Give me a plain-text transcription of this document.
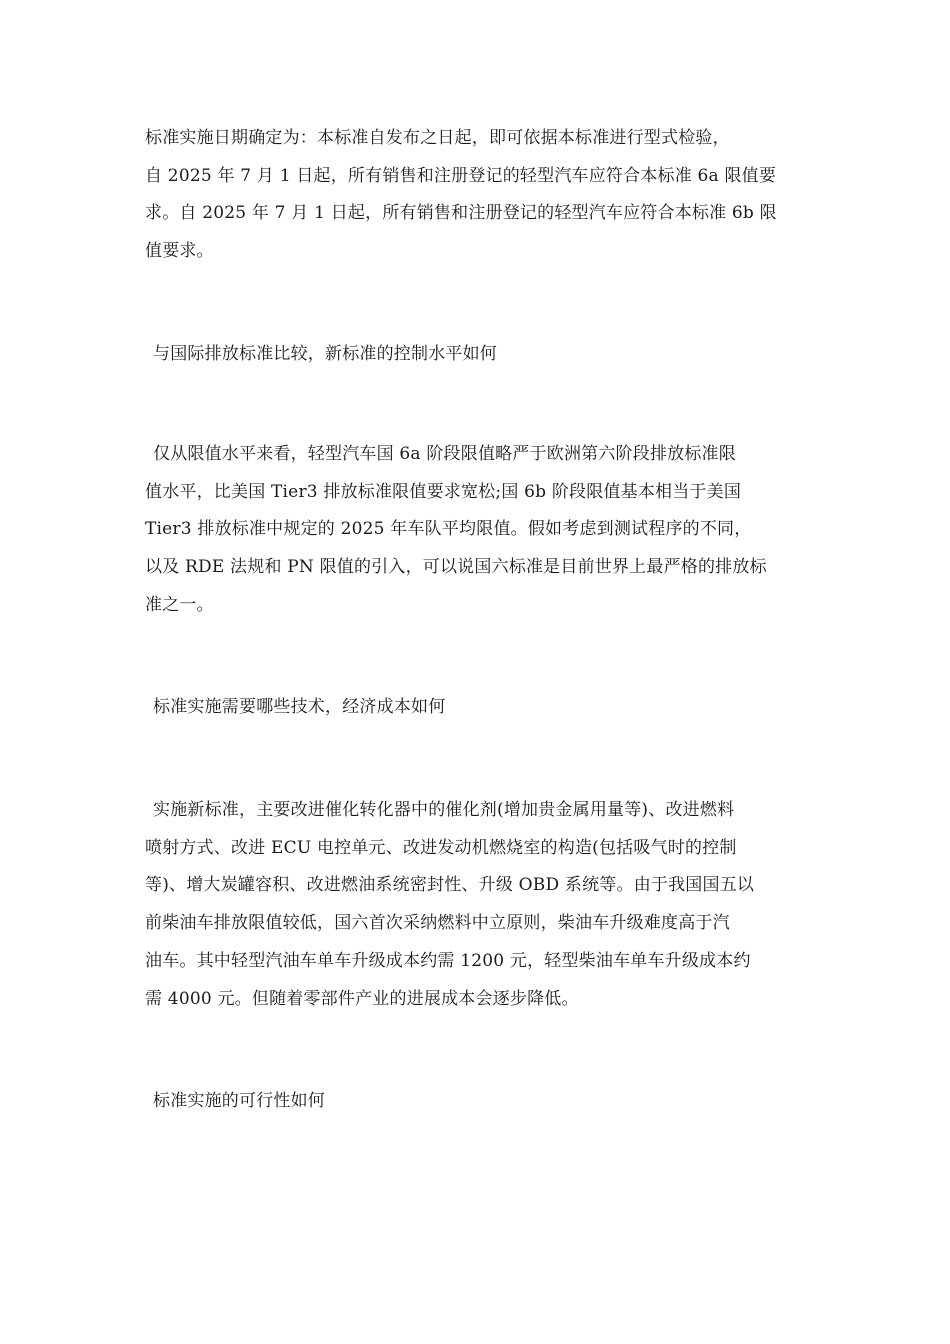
标准实施日期确定为：本标准自发布之日起，即可依据本标准进行型式检验，
自 2025 年 7 月 1 日起，所有销售和注册登记的轻型汽车应符合本标准 6a 限值要
求。自 2025 年 7 月 1 日起，所有销售和注册登记的轻型汽车应符合本标准 6b 限
值要求。

与国际排放标准比较，新标准的控制水平如何

仅从限值水平来看，轻型汽车国 6a 阶段限值略严于欧洲第六阶段排放标准限
值水平，比美国 Tier3 排放标准限值要求宽松;国 6b 阶段限值基本相当于美国
Tier3 排放标准中规定的 2025 年车队平均限值。假如考虑到测试程序的不同，
以及 RDE 法规和 PN 限值的引入，可以说国六标准是目前世界上最严格的排放标
准之一。

标准实施需要哪些技术，经济成本如何

实施新标准，主要改进催化转化器中的催化剂(增加贵金属用量等)、改进燃料
喷射方式、改进 ECU 电控单元、改进发动机燃烧室的构造(包括吸气时的控制
等)、增大炭罐容积、改进燃油系统密封性、升级 OBD 系统等。由于我国国五以
前柴油车排放限值较低，国六首次采纳燃料中立原则，柴油车升级难度高于汽
油车。其中轻型汽油车单车升级成本约需 1200 元，轻型柴油车单车升级成本约
需 4000 元。但随着零部件产业的进展成本会逐步降低。

标准实施的可行性如何
